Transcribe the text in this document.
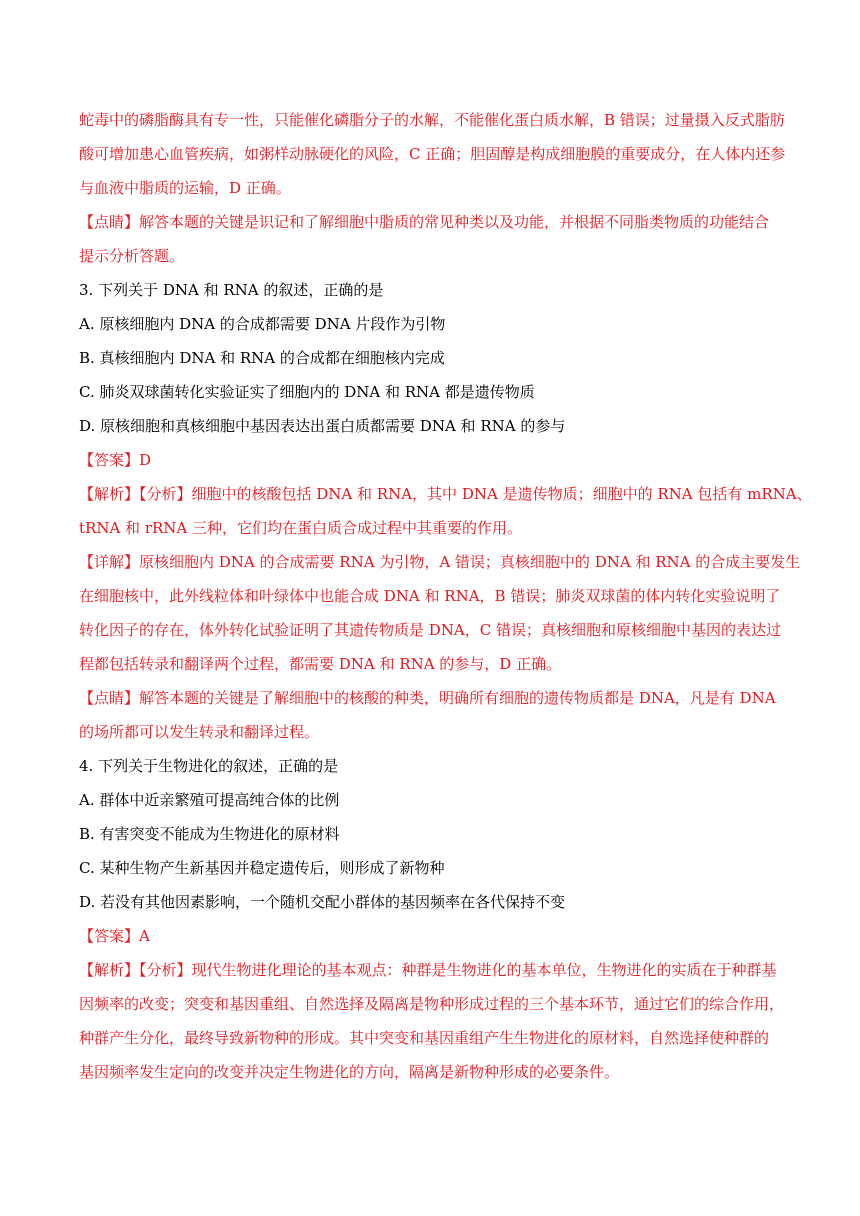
蛇毒中的磷脂酶具有专一性，只能催化磷脂分子的水解，不能催化蛋白质水解，B 错误；过量摄入反式脂肪
酸可增加患心血管疾病，如粥样动脉硬化的风险，C 正确；胆固醇是构成细胞膜的重要成分，在人体内还参
与血液中脂质的运输，D 正确。
【点睛】解答本题的关键是识记和了解细胞中脂质的常见种类以及功能，并根据不同脂类物质的功能结合
提示分析答题。
3. 下列关于 DNA 和 RNA 的叙述，正确的是
A. 原核细胞内 DNA 的合成都需要 DNA 片段作为引物
B. 真核细胞内 DNA 和 RNA 的合成都在细胞核内完成
C. 肺炎双球菌转化实验证实了细胞内的 DNA 和 RNA 都是遗传物质
D. 原核细胞和真核细胞中基因表达出蛋白质都需要 DNA 和 RNA 的参与
【答案】D
【解析】【分析】细胞中的核酸包括 DNA 和 RNA，其中 DNA 是遗传物质；细胞中的 RNA 包括有 mRNA、
tRNA 和 rRNA 三种，它们均在蛋白质合成过程中其重要的作用。
【详解】原核细胞内 DNA 的合成需要 RNA 为引物，A 错误；真核细胞中的 DNA 和 RNA 的合成主要发生
在细胞核中，此外线粒体和叶绿体中也能合成 DNA 和 RNA，B 错误；肺炎双球菌的体内转化实验说明了
转化因子的存在，体外转化试验证明了其遗传物质是 DNA，C 错误；真核细胞和原核细胞中基因的表达过
程都包括转录和翻译两个过程，都需要 DNA 和 RNA 的参与，D 正确。
【点睛】解答本题的关键是了解细胞中的核酸的种类，明确所有细胞的遗传物质都是 DNA，凡是有 DNA
的场所都可以发生转录和翻译过程。
4. 下列关于生物进化的叙述，正确的是
A. 群体中近亲繁殖可提高纯合体的比例
B. 有害突变不能成为生物进化的原材料
C. 某种生物产生新基因并稳定遗传后，则形成了新物种
D. 若没有其他因素影响，一个随机交配小群体的基因频率在各代保持不变
【答案】A
【解析】【分析】现代生物进化理论的基本观点：种群是生物进化的基本单位，生物进化的实质在于种群基
因频率的改变；突变和基因重组、自然选择及隔离是物种形成过程的三个基本环节，通过它们的综合作用，
种群产生分化，最终导致新物种的形成。其中突变和基因重组产生生物进化的原材料，自然选择使种群的
基因频率发生定向的改变并决定生物进化的方向，隔离是新物种形成的必要条件。
